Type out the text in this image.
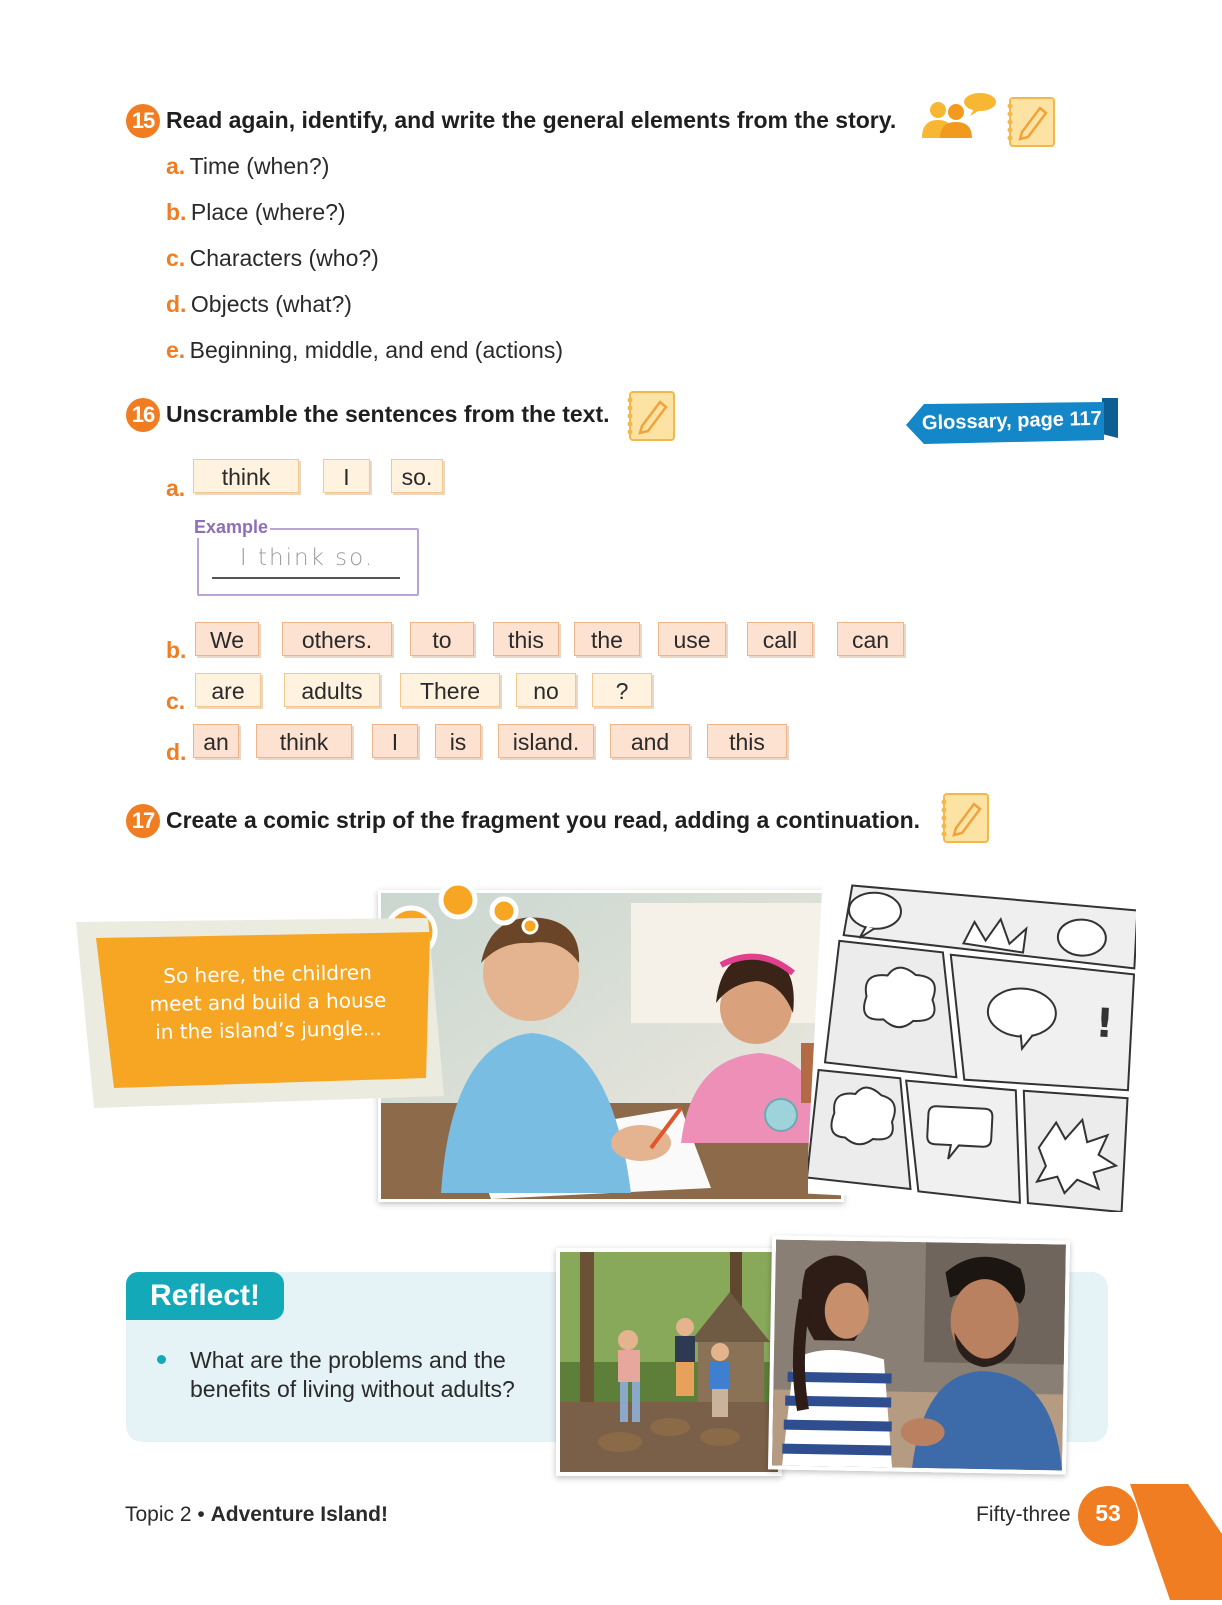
15 Read again, identify, and write the general elements from the story.
a. Time (when?)
b. Place (where?)
c. Characters (who?)
d. Objects (what?)
e. Beginning, middle, and end (actions)
16 Unscramble the sentences from the text.	Glossary, page 117
a.	think	I	so.
Example
I think so.
b.	We	others.	to	this	the	use	call	can
c.	are	adults	There	no	?
d. an	think	I	is	island.	and	this
17 Create a comic strip of the fragment you read, adding a continuation.
So here, the children meet and build a house in the island’s jungle...	!
Reflect!
What are the problems and the benefits of living without adults?
Topic 2 • Adventure Island!	Fifty-three	53
